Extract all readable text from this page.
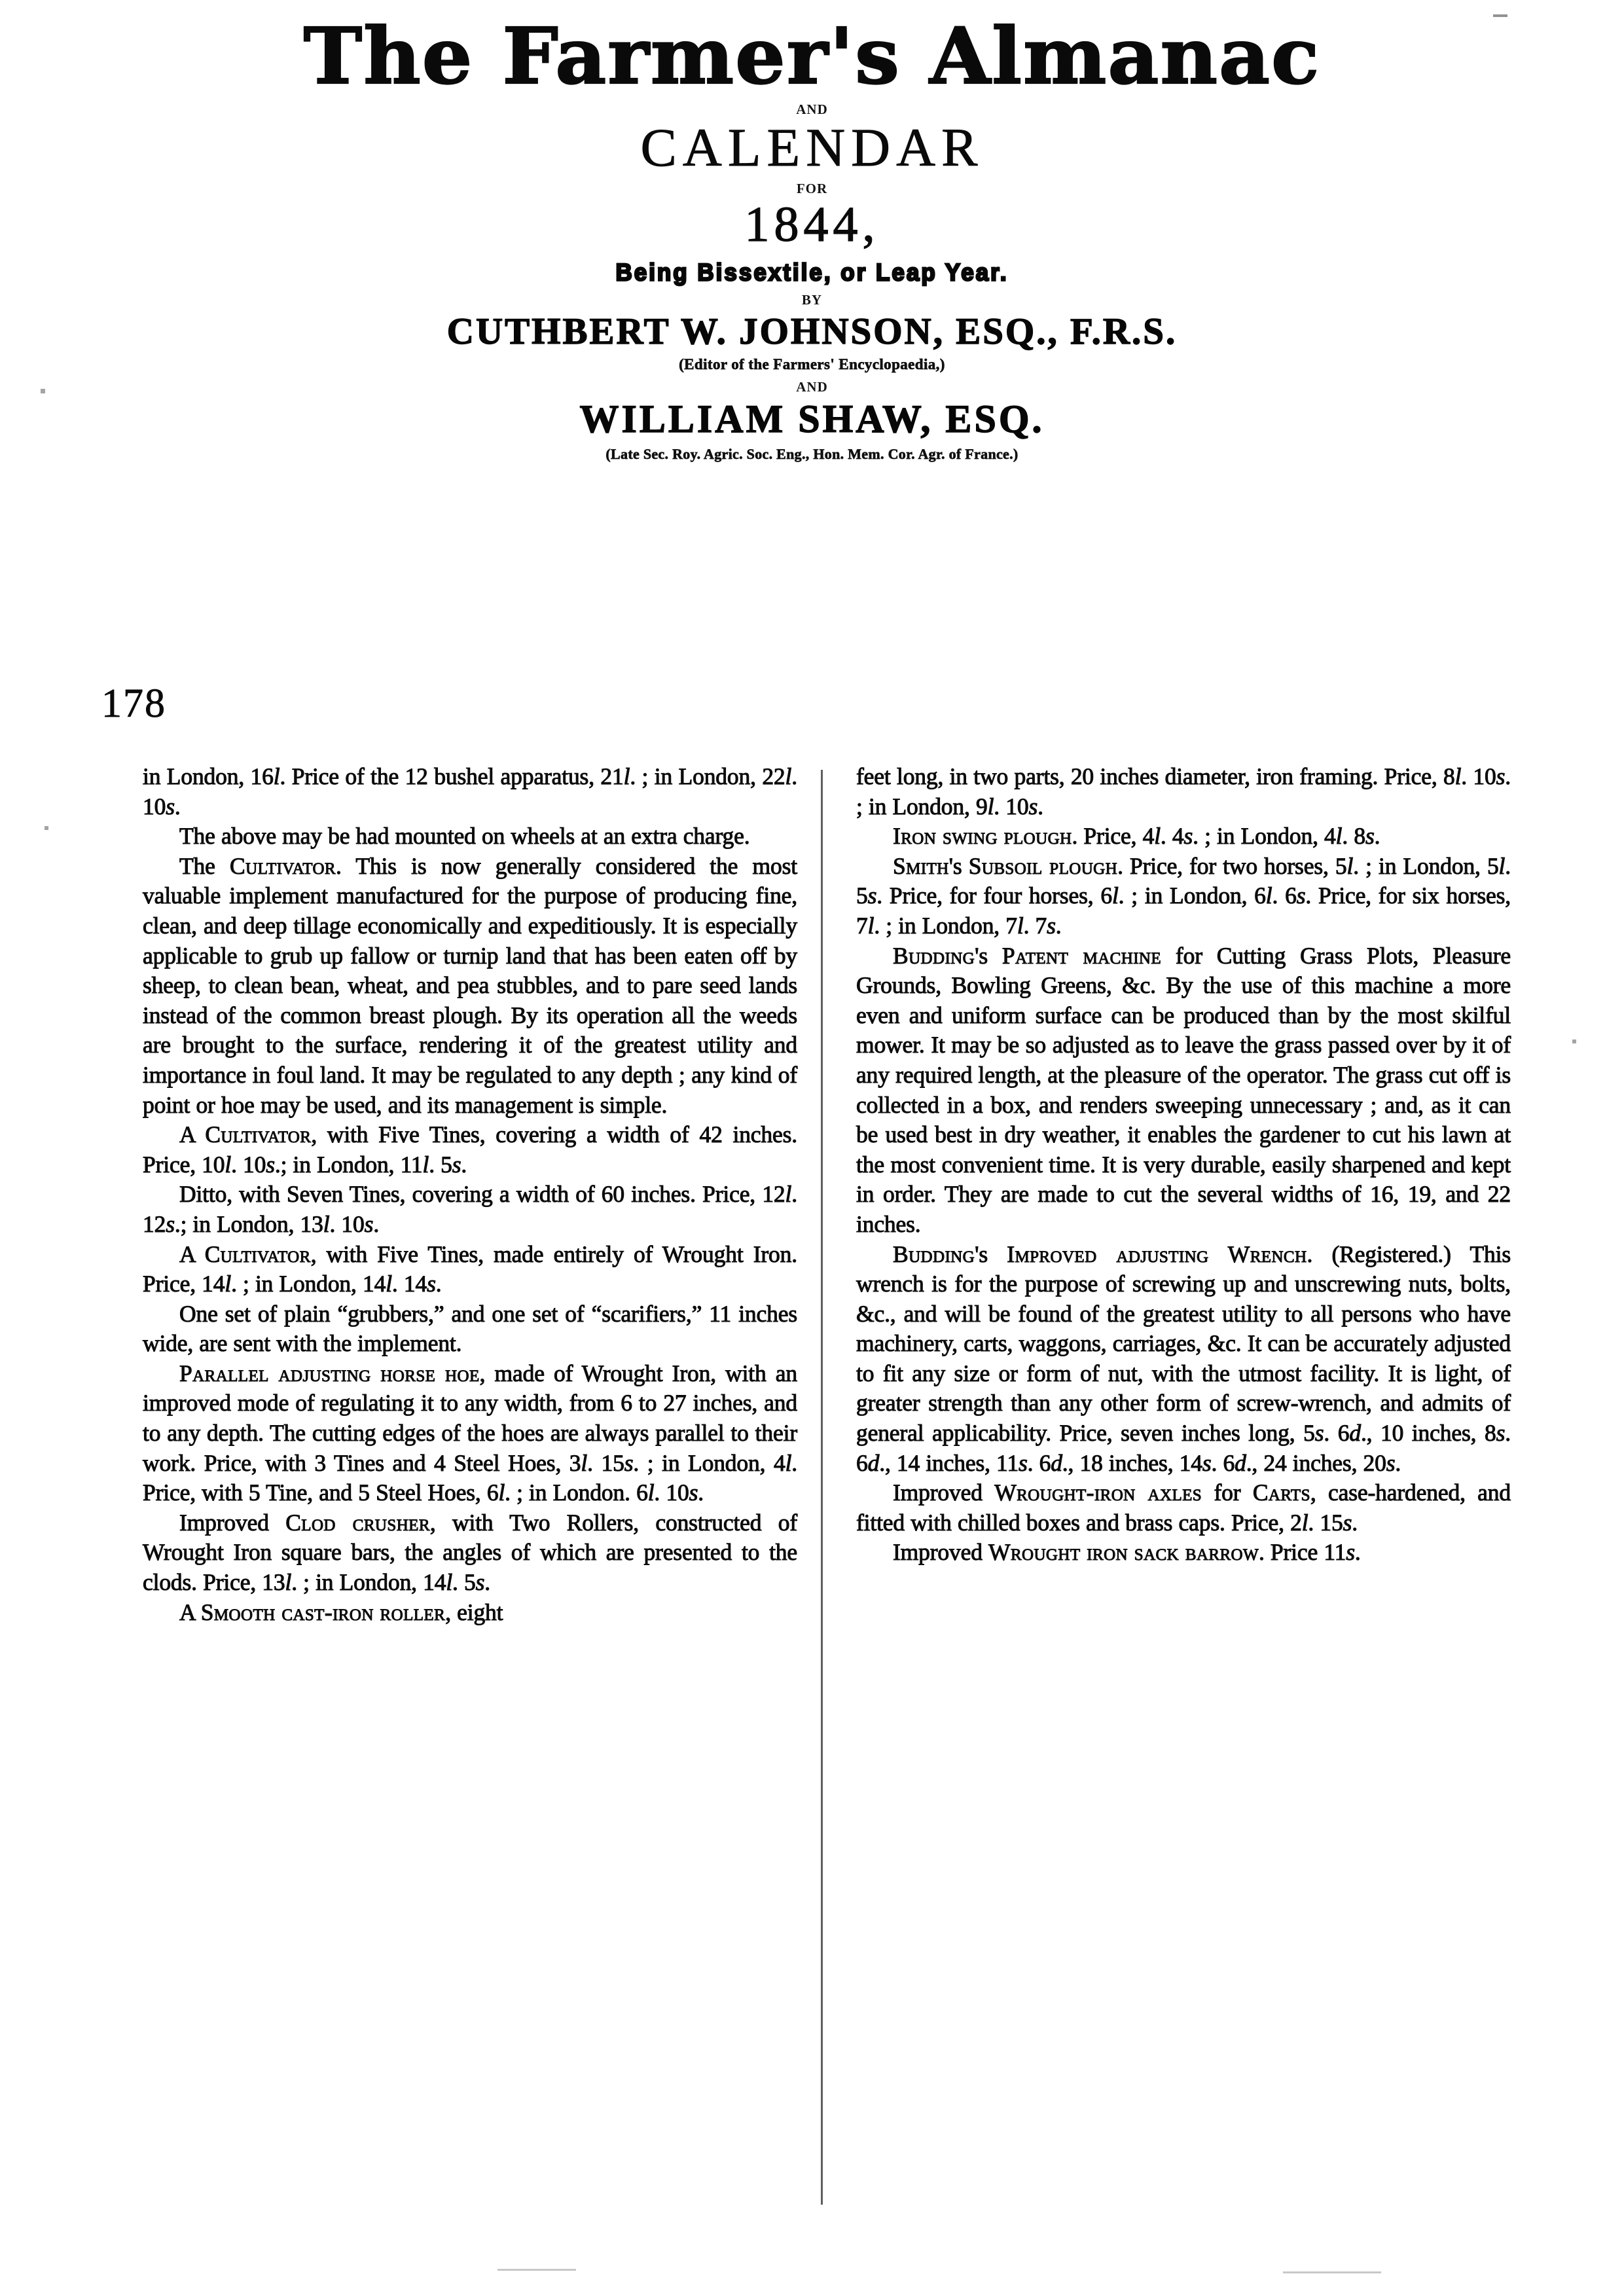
The Farmer's Almanac
AND
CALENDAR
FOR
1844,
Being Bissextile, or Leap Year.
BY
CUTHBERT W. JOHNSON, ESQ., F.R.S.
(Editor of the Farmers' Encyclopaedia,)
AND
WILLIAM SHAW, ESQ.
(Late Sec. Roy. Agric. Soc. Eng., Hon. Mem. Cor. Agr. of France.)
178

in London, 16l. Price of the 12 bushel apparatus, 21l. ; in London, 22l. 10s.

The above may be had mounted on wheels at an extra charge.

The Cultivator. This is now generally considered the most valuable implement manufactured for the purpose of producing fine, clean, and deep tillage economically and expeditiously. It is especially applicable to grub up fallow or turnip land that has been eaten off by sheep, to clean bean, wheat, and pea stubbles, and to pare seed lands instead of the common breast plough. By its operation all the weeds are brought to the surface, rendering it of the greatest utility and importance in foul land. It may be regulated to any depth ; any kind of point or hoe may be used, and its management is simple.

A Cultivator, with Five Tines, covering a width of 42 inches. Price, 10l. 10s.; in London, 11l. 5s.

Ditto, with Seven Tines, covering a width of 60 inches. Price, 12l. 12s.; in London, 13l. 10s.

A Cultivator, with Five Tines, made entirely of Wrought Iron. Price, 14l. ; in London, 14l. 14s.

One set of plain “grubbers,” and one set of “scarifiers,” 11 inches wide, are sent with the implement.

Parallel adjusting horse hoe, made of Wrought Iron, with an improved mode of regulating it to any width, from 6 to 27 inches, and to any depth. The cutting edges of the hoes are always parallel to their work. Price, with 3 Tines and 4 Steel Hoes, 3l. 15s. ; in London, 4l. Price, with 5 Tine, and 5 Steel Hoes, 6l. ; in London. 6l. 10s.

Improved Clod crusher, with Two Rollers, constructed of Wrought Iron square bars, the angles of which are presented to the clods. Price, 13l. ; in London, 14l. 5s.

A Smooth cast-iron roller, eight

feet long, in two parts, 20 inches diameter, iron framing. Price, 8l. 10s. ; in London, 9l. 10s.

Iron swing plough. Price, 4l. 4s. ; in London, 4l. 8s.

Smith's Subsoil plough. Price, for two horses, 5l. ; in London, 5l. 5s. Price, for four horses, 6l. ; in London, 6l. 6s. Price, for six horses, 7l. ; in London, 7l. 7s.

Budding's Patent machine for Cutting Grass Plots, Pleasure Grounds, Bowling Greens, &c. By the use of this machine a more even and uniform surface can be produced than by the most skilful mower. It may be so adjusted as to leave the grass passed over by it of any required length, at the pleasure of the operator. The grass cut off is collected in a box, and renders sweeping unnecessary ; and, as it can be used best in dry weather, it enables the gardener to cut his lawn at the most convenient time. It is very durable, easily sharpened and kept in order. They are made to cut the several widths of 16, 19, and 22 inches.

Budding's Improved adjusting Wrench. (Registered.) This wrench is for the purpose of screwing up and unscrewing nuts, bolts, &c., and will be found of the greatest utility to all persons who have machinery, carts, waggons, carriages, &c. It can be accurately adjusted to fit any size or form of nut, with the utmost facility. It is light, of greater strength than any other form of screw-wrench, and admits of general applicability. Price, seven inches long, 5s. 6d., 10 inches, 8s. 6d., 14 inches, 11s. 6d., 18 inches, 14s. 6d., 24 inches, 20s.

Improved Wrought-iron axles for Carts, case-hardened, and fitted with chilled boxes and brass caps. Price, 2l. 15s.

Improved Wrought iron sack barrow. Price 11s.
